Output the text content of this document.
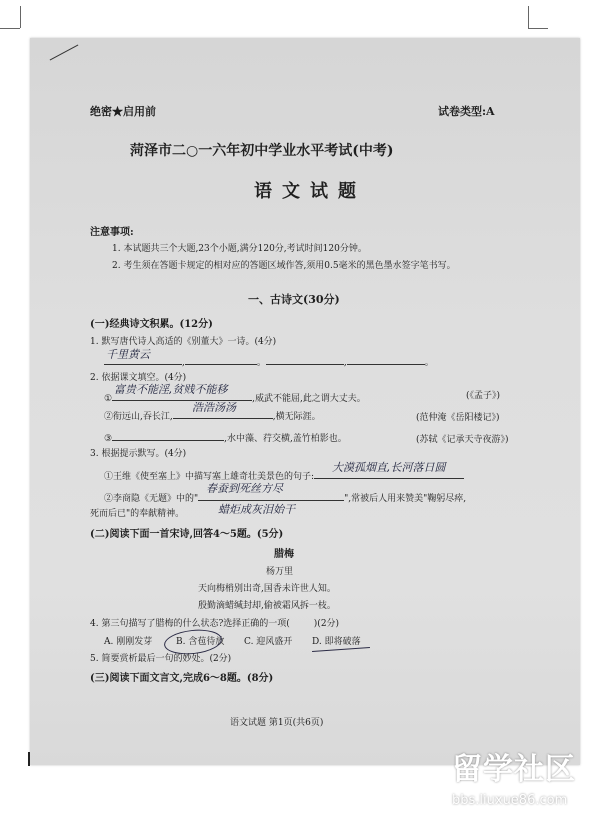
绝密★启用前	试卷类型:A
菏泽市二○一六年初中学业水平考试(中考)
语文试题
注意事项:
1. 本试题共三个大题,23个小题,满分120分,考试时间120分钟。
2. 考生须在答题卡规定的相对应的答题区域作答,须用0.5毫米的黑色墨水签字笔书写。
一、古诗文(30分)
(一)经典诗文积累。(12分)
1. 默写唐代诗人高适的《别董大》一诗。(4分)
,	。	,	。
千里黄云
2. 依据课文填空。(4分)
①	,威武不能屈,此之谓大丈夫。
富贵不能淫,贫贱不能移	(《孟子》)
②衔远山,吞长江,	,横无际涯。
浩浩汤汤
(范仲淹《岳阳楼记》)
③	,水中藻、荇交横,盖竹柏影也。	(苏轼《记承天寺夜游》)
3. 根据提示默写。(4分)
①王维《使至塞上》中描写塞上雄奇壮美景色的句子:
大漠孤烟直,长河落日圆
②李商隐《无题》中的"	",常被后人用来赞美"鞠躬尽瘁,
春蚕到死丝方尽
死而后已"的奉献精神。	蜡炬成灰泪始干
(二)阅读下面一首宋诗,回答4～5题。(5分)
腊梅
杨万里
天向梅梢别出奇,国香未许世人知。
殷勤滴蜡缄封却,偷被霜风拆一枝。
4. 第三句描写了腊梅的什么状态?选择正确的一项(	)(2分)
A. 刚刚发芽	B. 含苞待放 C. 迎风盛开 D. 即将破落
5. 简要赏析最后一句的妙处。(2分)
(三)阅读下面文言文,完成6～8题。(8分)
语文试题 第1页(共6页)
留学社区
bbs.liuxue86.com
